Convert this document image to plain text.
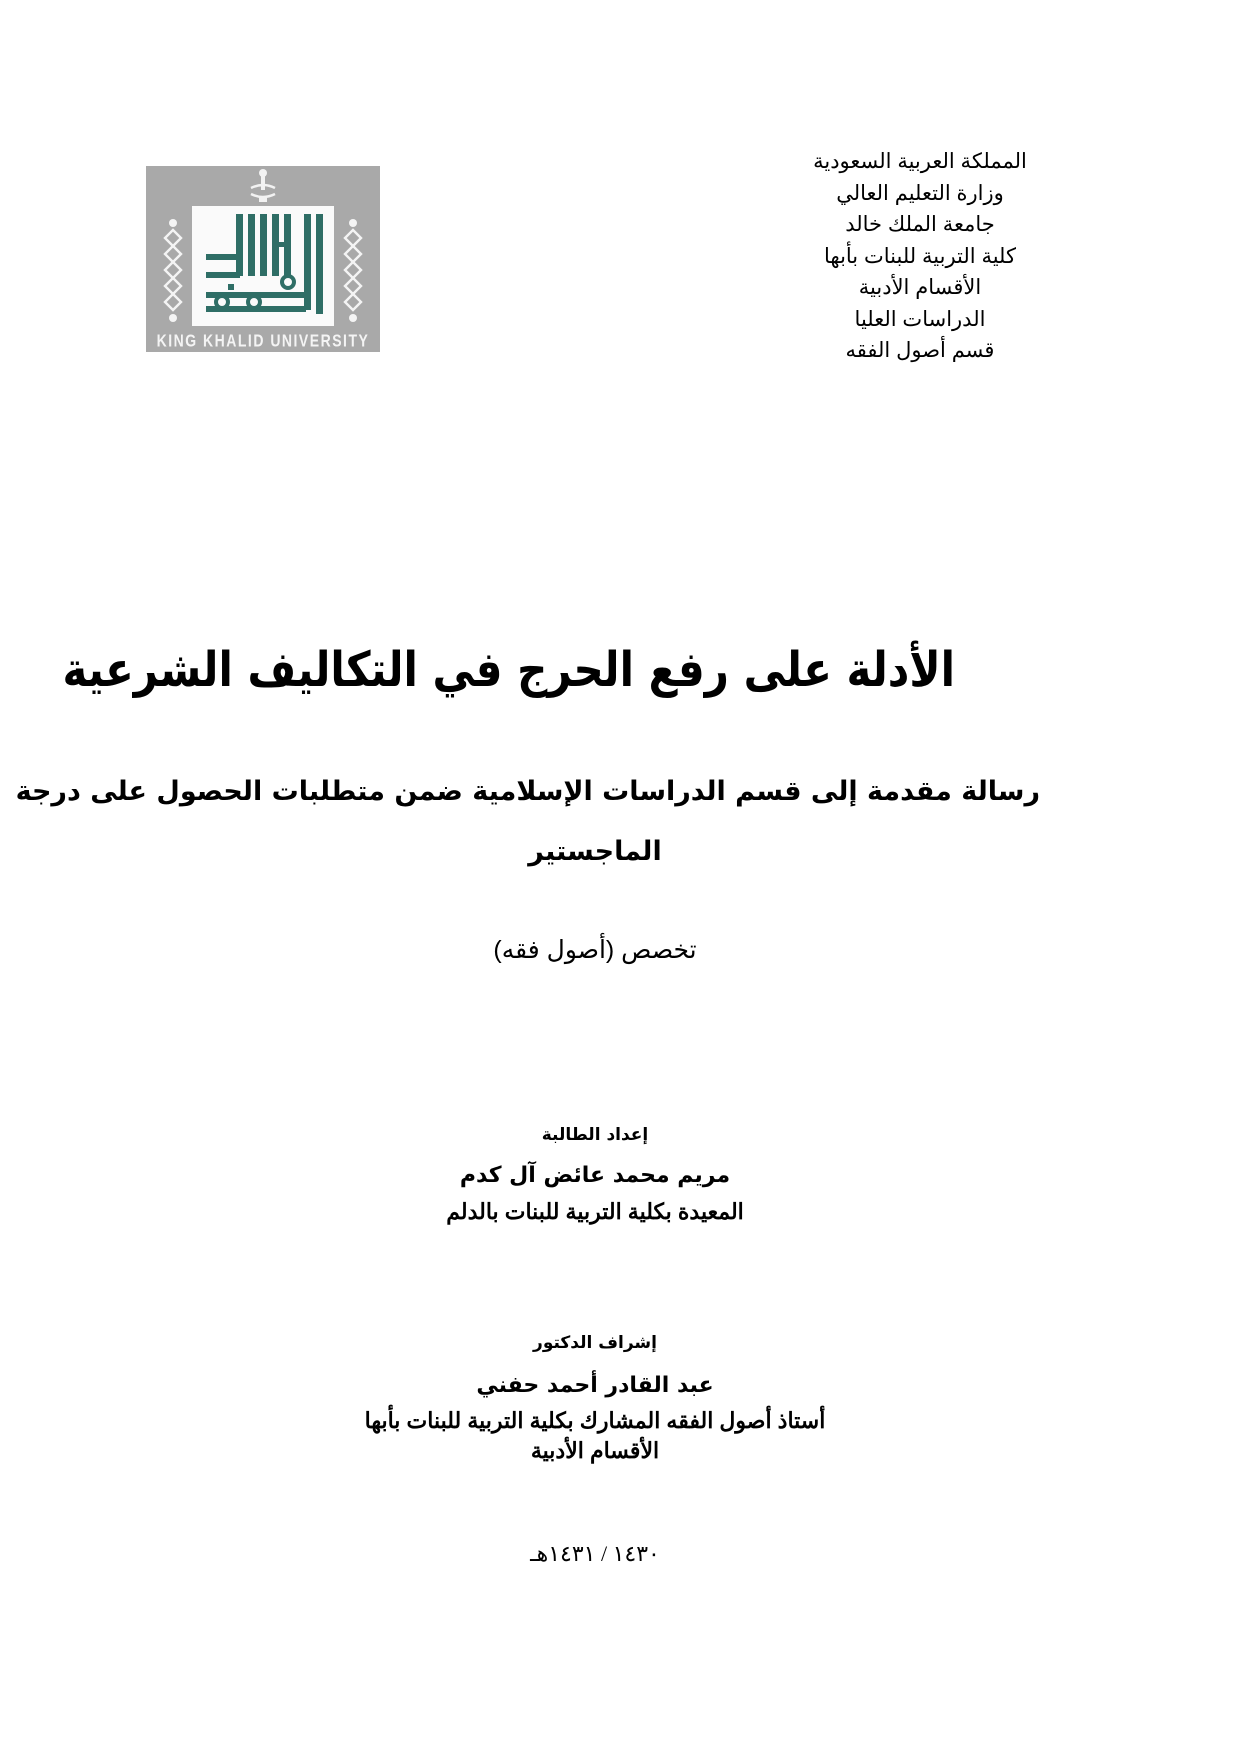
المملكة العربية السعودية
وزارة التعليم العالي
جامعة الملك خالد
كلية التربية للبنات بأبها
الأقسام الأدبية
الدراسات العليا
قسم أصول الفقه
KING KHALID UNIVERSITY
الأدلة على رفع الحرج في التكاليف الشرعية
رسالة مقدمة إلى قسم الدراسات الإسلامية ضمن متطلبات الحصول على درجة
الماجستير
تخصص (أصول فقه)
إعداد الطالبة
مريم محمد عائض آل كدم
المعيدة بكلية التربية للبنات بالدلم
إشراف الدكتور
عبد القادر أحمد حفني
أستاذ أصول الفقه المشارك بكلية التربية للبنات بأبها
الأقسام الأدبية
١٤٣٠ / ١٤٣١هـ
